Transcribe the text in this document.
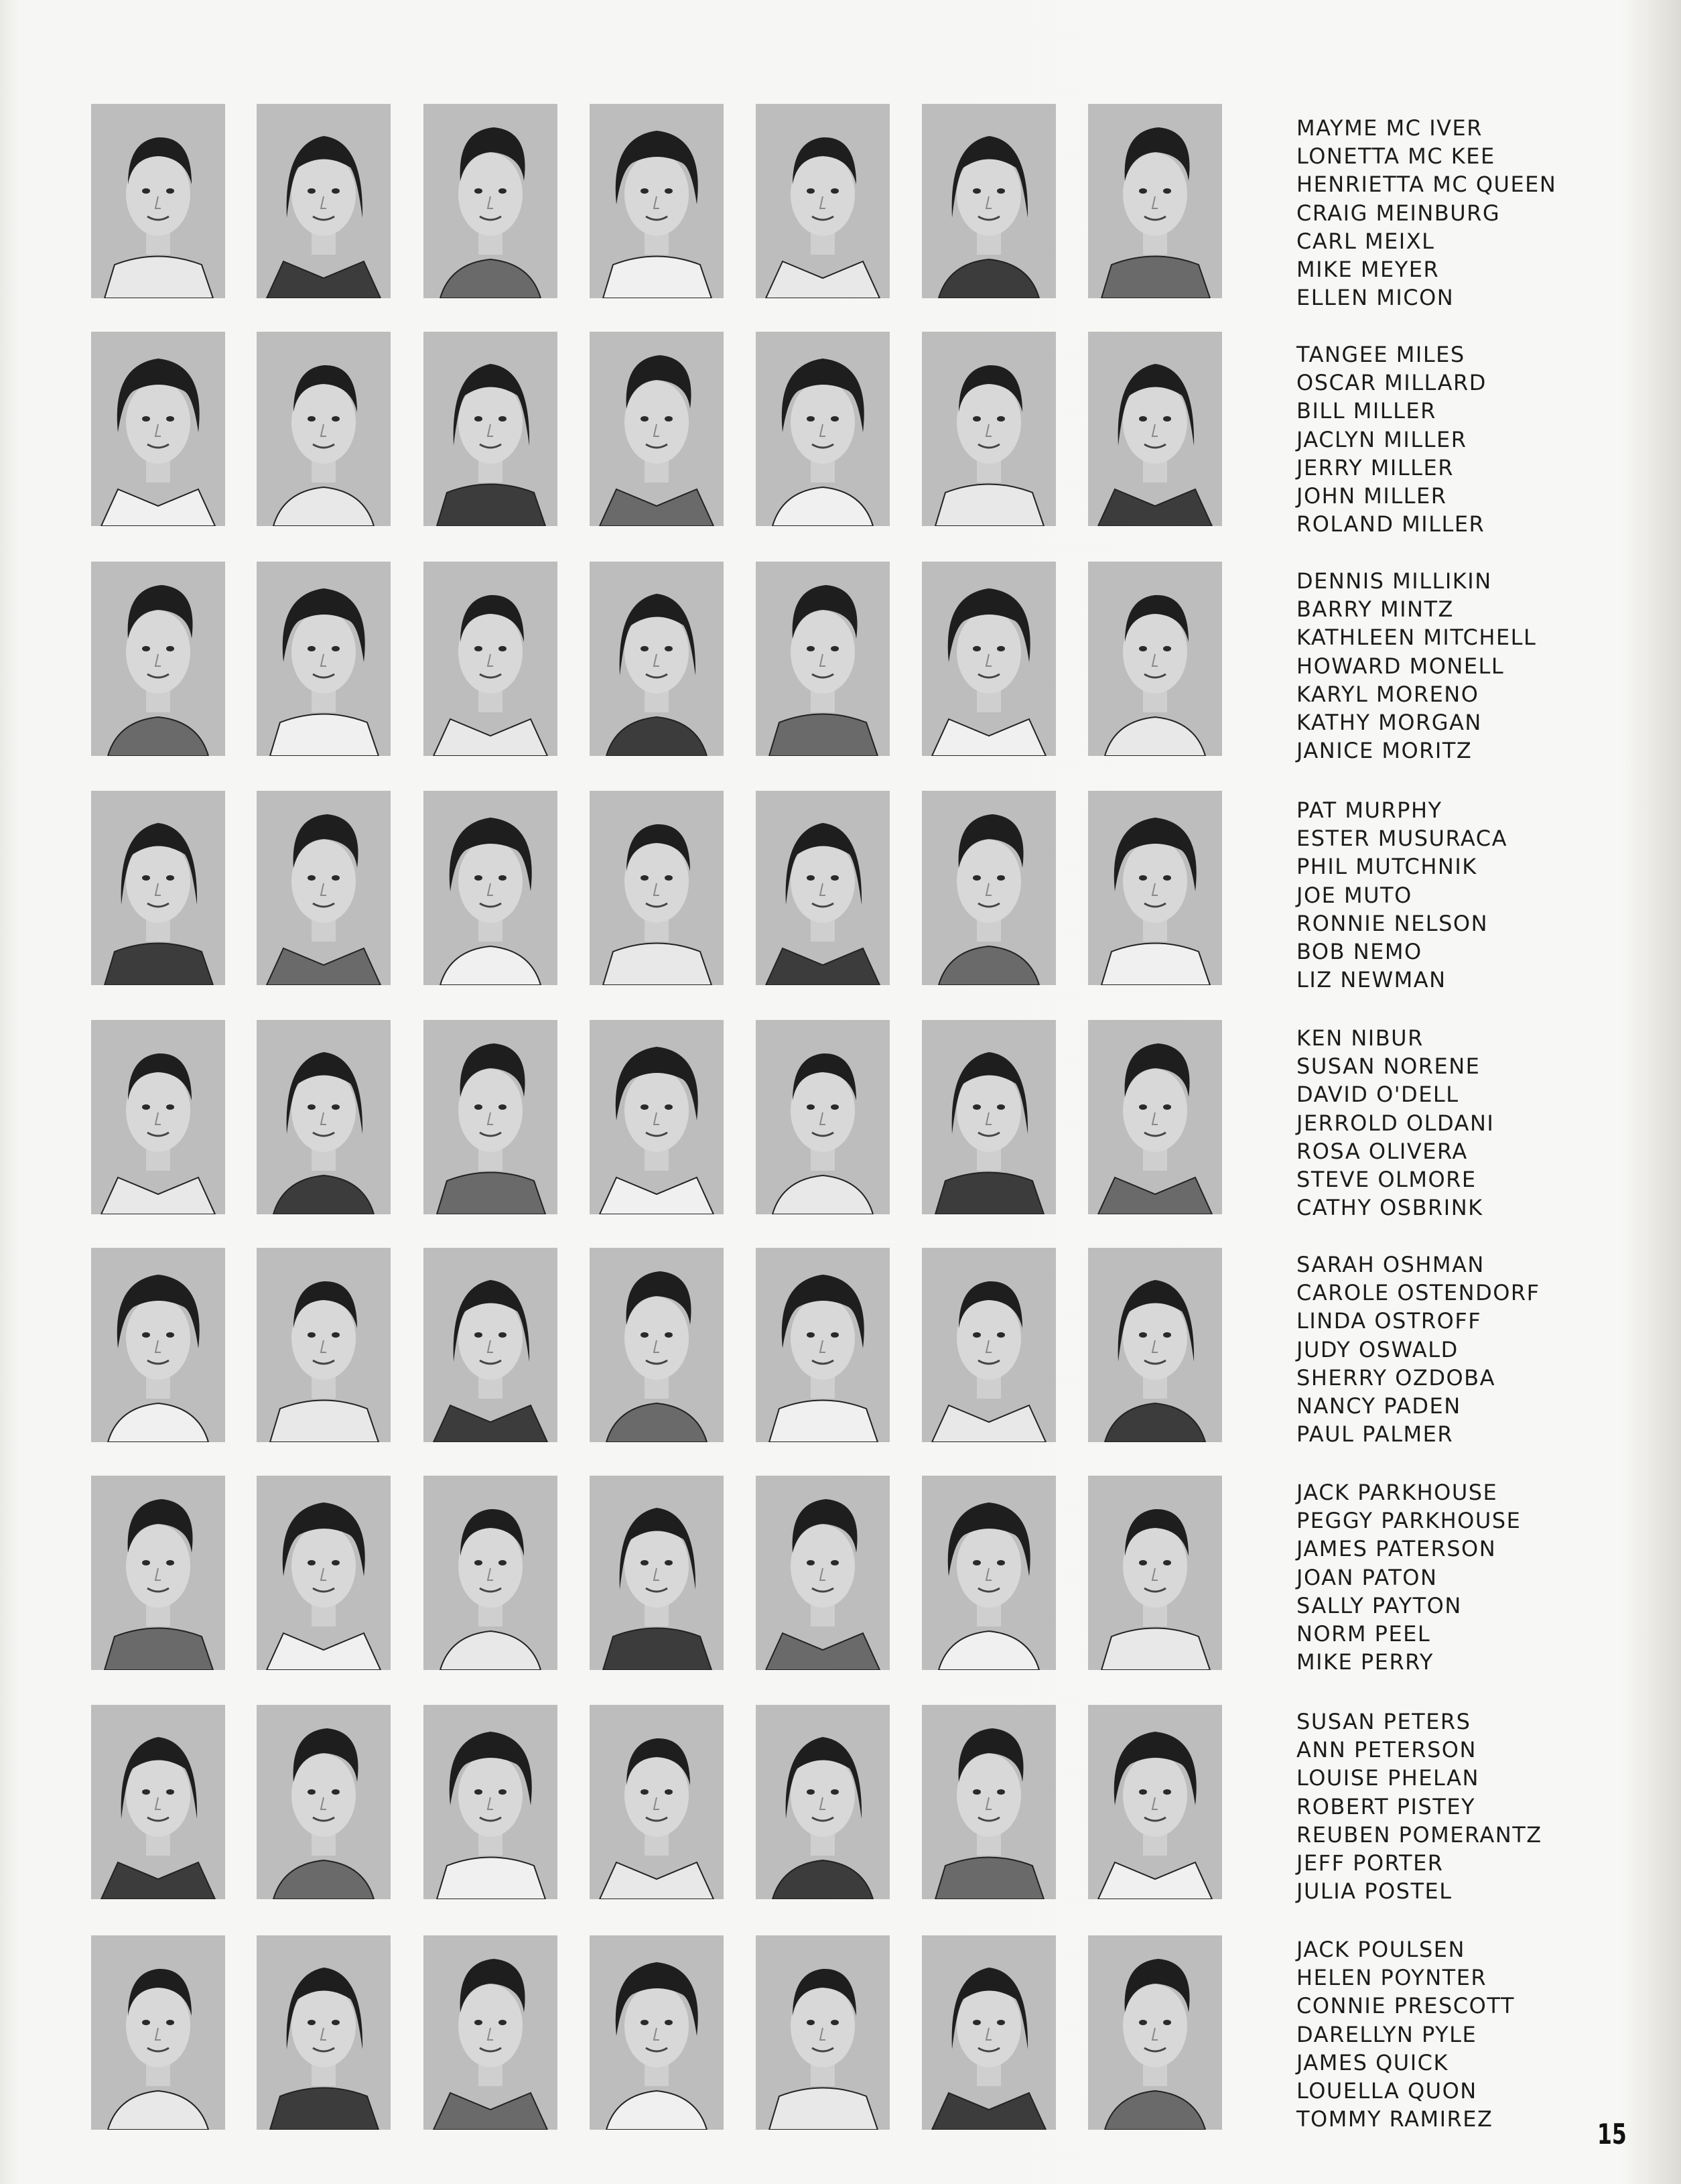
MAYME MC IVER
LONETTA MC KEE
HENRIETTA MC QUEEN
CRAIG MEINBURG
CARL MEIXL
MIKE MEYER
ELLEN MICON
TANGEE MILES
OSCAR MILLARD
BILL MILLER
JACLYN MILLER
JERRY MILLER
JOHN MILLER
ROLAND MILLER
DENNIS MILLIKIN
BARRY MINTZ
KATHLEEN MITCHELL
HOWARD MONELL
KARYL MORENO
KATHY MORGAN
JANICE MORITZ
PAT MURPHY
ESTER MUSURACA
PHIL MUTCHNIK
JOE MUTO
RONNIE NELSON
BOB NEMO
LIZ NEWMAN
KEN NIBUR
SUSAN NORENE
DAVID O'DELL
JERROLD OLDANI
ROSA OLIVERA
STEVE OLMORE
CATHY OSBRINK
SARAH OSHMAN
CAROLE OSTENDORF
LINDA OSTROFF
JUDY OSWALD
SHERRY OZDOBA
NANCY PADEN
PAUL PALMER
JACK PARKHOUSE
PEGGY PARKHOUSE
JAMES PATERSON
JOAN PATON
SALLY PAYTON
NORM PEEL
MIKE PERRY
SUSAN PETERS
ANN PETERSON
LOUISE PHELAN
ROBERT PISTEY
REUBEN POMERANTZ
JEFF PORTER
JULIA POSTEL
JACK POULSEN
HELEN POYNTER
CONNIE PRESCOTT
DARELLYN PYLE
JAMES QUICK
LOUELLA QUON
TOMMY RAMIREZ	15
